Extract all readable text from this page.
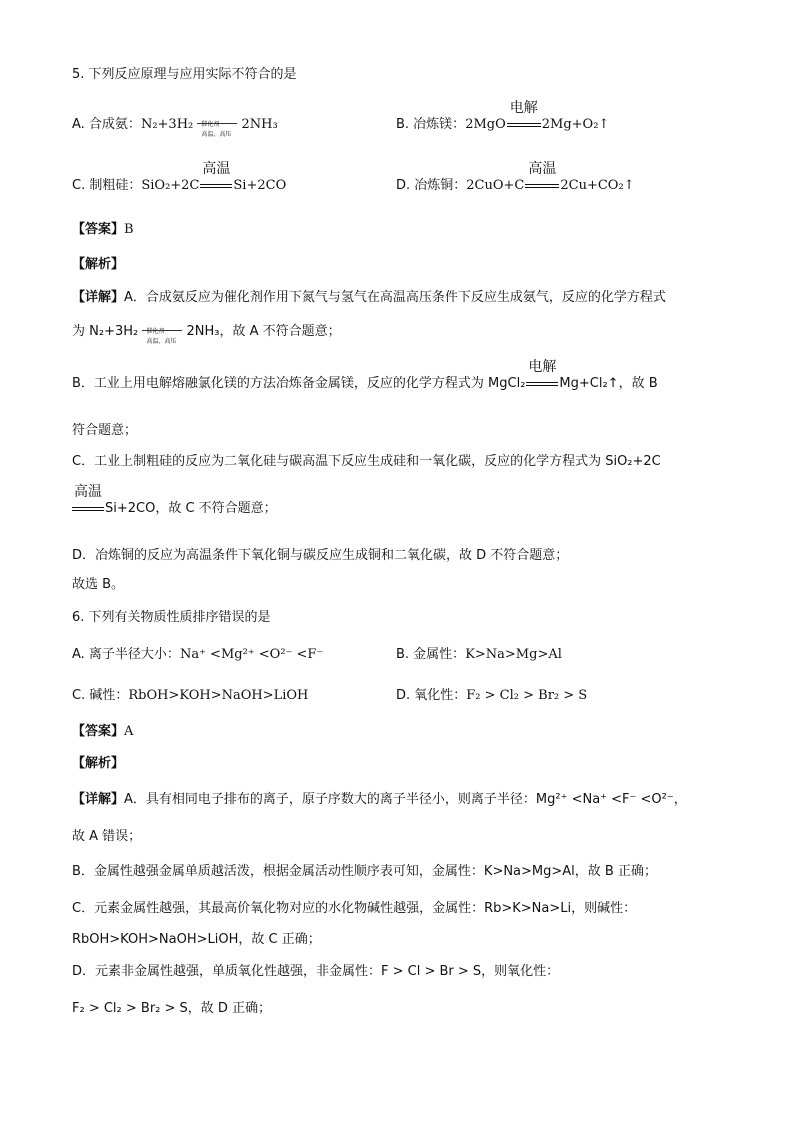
5. 下列反应原理与应用实际不符合的是
A. 合成氨：N₂+3H₂ 催化剂
高温、高压
2NH₃	B. 冶炼镁：2MgO
电解
2Mg+O₂↑
C. 制粗硅：SiO₂+2C
高温
Si+2CO	D. 冶炼铜：2CuO+C
高温
2Cu+CO₂↑
【答案】B
【解析】
【详解】A．合成氨反应为催化剂作用下氮气与氢气在高温高压条件下反应生成氨气，反应的化学方程式
为 N₂+3H₂ 催化剂
高温、高压
2NH₃，故 A 不符合题意；
B．工业上用电解熔融氯化镁的方法冶炼备金属镁，反应的化学方程式为 MgCl₂
电解
Mg+Cl₂↑，故 B
符合题意；
C．工业上制粗硅的反应为二氧化硅与碳高温下反应生成硅和一氧化碳，反应的化学方程式为 SiO₂+2C
高温
Si+2CO，故 C 不符合题意；
D．冶炼铜的反应为高温条件下氧化铜与碳反应生成铜和二氧化碳，故 D 不符合题意；
故选 B。
6. 下列有关物质性质排序错误的是
A. 离子半径大小：Na⁺ <Mg²⁺ <O²⁻ <F⁻	B. 金属性：K>Na>Mg>Al
C. 碱性：RbOH>KOH>NaOH>LiOH	D. 氧化性：F₂ > Cl₂ > Br₂ > S
【答案】A
【解析】
【详解】A．具有相同电子排布的离子，原子序数大的离子半径小，则离子半径：Mg²⁺ <Na⁺ <F⁻ <O²⁻，
故 A 错误；
B．金属性越强金属单质越活泼，根据金属活动性顺序表可知，金属性：K>Na>Mg>Al，故 B 正确；
C．元素金属性越强，其最高价氧化物对应的水化物碱性越强，金属性：Rb>K>Na>Li，则碱性：
RbOH>KOH>NaOH>LiOH，故 C 正确；
D．元素非金属性越强，单质氧化性越强，非金属性：F > Cl > Br > S，则氧化性：
F₂ > Cl₂ > Br₂ > S，故 D 正确；
